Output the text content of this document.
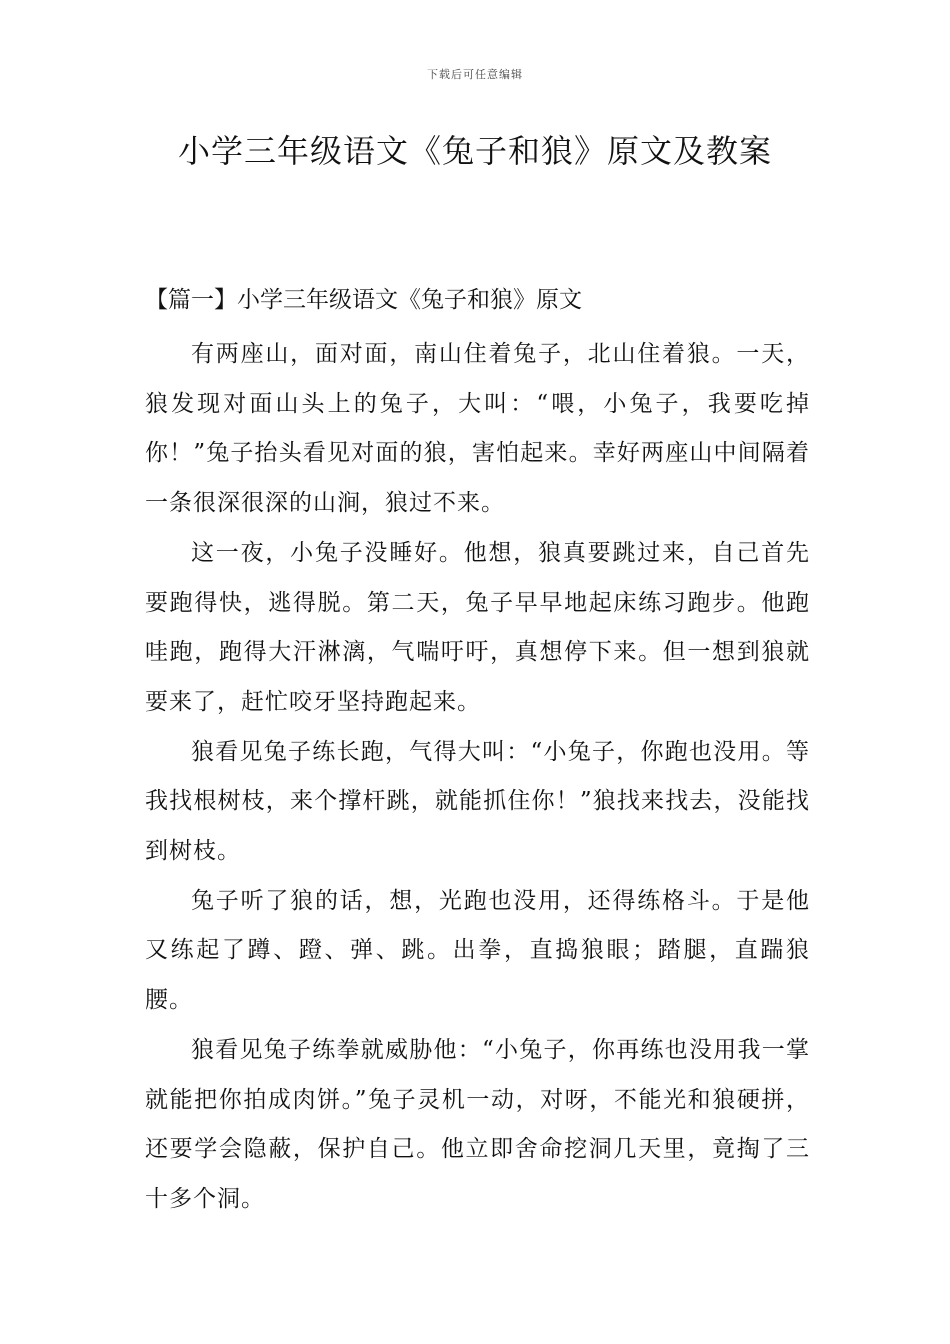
下载后可任意编辑
小学三年级语文《兔子和狼》原文及教案
【篇一】小学三年级语文《兔子和狼》原文

有两座山，面对面，南山住着兔子，北山住着狼。一天，狼发现对面山头上的兔子，大叫：“喂，小兔子，我要吃掉你！”兔子抬头看见对面的狼，害怕起来。幸好两座山中间隔着一条很深很深的山涧，狼过不来。

这一夜，小兔子没睡好。他想，狼真要跳过来，自己首先要跑得快，逃得脱。第二天，兔子早早地起床练习跑步。他跑哇跑，跑得大汗淋漓，气喘吁吁，真想停下来。但一想到狼就要来了，赶忙咬牙坚持跑起来。

狼看见兔子练长跑，气得大叫：“小兔子，你跑也没用。等我找根树枝，来个撑杆跳，就能抓住你！”狼找来找去，没能找到树枝。

兔子听了狼的话，想，光跑也没用，还得练格斗。于是他又练起了蹲、蹬、弹、跳。出拳，直捣狼眼；踏腿，直踹狼腰。

狼看见兔子练拳就威胁他：“小兔子，你再练也没用我一掌就能把你拍成肉饼。”兔子灵机一动，对呀，不能光和狼硬拼，还要学会隐蔽，保护自己。他立即舍命挖洞几天里，竟掏了三十多个洞。
